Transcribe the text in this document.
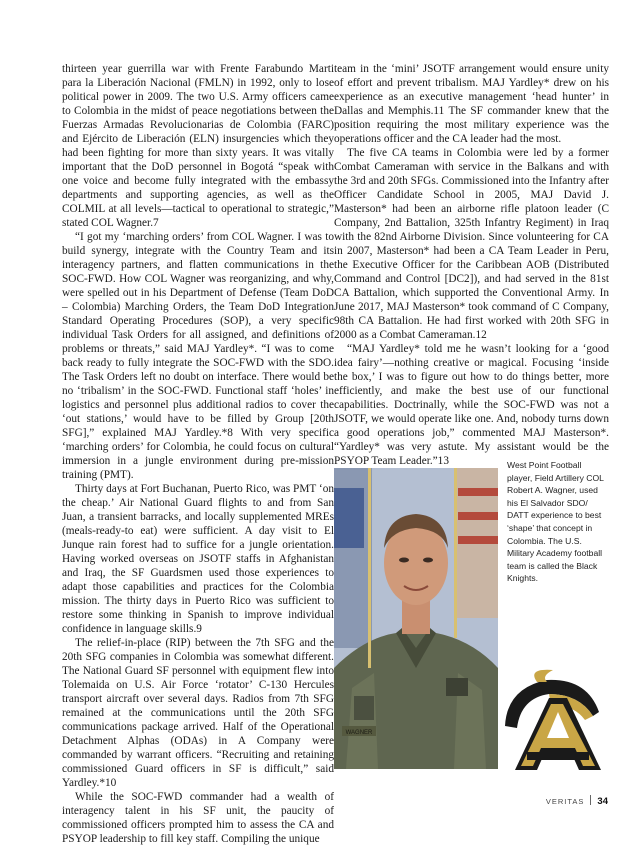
thirteen year guerrilla war with Frente Farabundo Marti para la Liberación Nacional (FMLN) in 1992, only to lose political power in 2009. The two U.S. Army officers came to Colombia in the midst of peace negotiations between the Fuerzas Armadas Revolucionarias de Colombia (FARC) and Ejército de Liberación (ELN) insurgencies which they had been fighting for more than sixty years. It was vitally important that the DoD personnel in Bogotá “speak with one voice and become fully integrated with the embassy departments and supporting agencies, as well as the COLMIL at all levels—tactical to operational to strategic,” stated COL Wagner.7

“I got my ‘marching orders’ from COL Wagner. I was to build synergy, integrate with the Country Team and its interagency partners, and flatten communications in the SOC-FWD. How COL Wagner was reorganizing, and why, were spelled out in his Department of Defense (Team DoD – Colombia) Marching Orders, the Team DoD Integration Standard Operating Procedures (SOP), a very specific individual Task Orders for all assigned, and definitions of problems or threats,” said MAJ Yardley*. “I was to come back ready to fully integrate the SOC-FWD with the SDO. The Task Orders left no doubt on interface. There would be no ‘tribalism’ in the SOC-FWD. Functional staff ‘holes’ in logistics and personnel plus additional radios to cover the ‘out stations,’ would have to be filled by Group [20th SFG],” explained MAJ Yardley.*8 With very specific ‘marching orders’ for Colombia, he could focus on cultural immersion in a jungle environment during pre-mission training (PMT).

Thirty days at Fort Buchanan, Puerto Rico, was PMT ‘on the cheap.’ Air National Guard flights to and from San Juan, a transient barracks, and locally supplemented MREs (meals-ready-to eat) were sufficient. A day visit to El Junque rain forest had to suffice for a jungle orientation. Having worked overseas on JSOTF staffs in Afghanistan and Iraq, the SF Guardsmen used those experiences to adapt those capabilities and practices for the Colombia mission. The thirty days in Puerto Rico was sufficient to restore some thinking in Spanish to improve individual confidence in language skills.9

The relief-in-place (RIP) between the 7th SFG and the 20th SFG companies in Colombia was somewhat different. The National Guard SF personnel with equipment flew into Tolemaida on U.S. Air Force ‘rotator’ C-130 Hercules transport aircraft over several days. Radios from 7th SFG remained at the communications until the 20th SFG communications package arrived. Half of the Operational Detachment Alphas (ODAs) in A Company were commanded by warrant officers. “Recruiting and retaining commissioned Guard officers in SF is difficult,” said Yardley.*10

While the SOC-FWD commander had a wealth of interagency talent in his SF unit, the paucity of commissioned officers prompted him to assess the CA and PSYOP leadership to fill key staff. Compiling the unique

team in the ‘mini’ JSOTF arrangement would ensure unity of effort and prevent tribalism. MAJ Yardley* drew on his experience as an executive management ‘head hunter’ in Dallas and Memphis.11 The SF commander knew that the position requiring the most military experience was the operations officer and the CA leader had the most.

The five CA teams in Colombia were led by a former Combat Cameraman with service in the Balkans and with the 3rd and 20th SFGs. Commissioned into the Infantry after Officer Candidate School in 2005, MAJ David J. Masterson* had been an airborne rifle platoon leader (C Company, 2nd Battalion, 325th Infantry Regiment) in Iraq with the 82nd Airborne Division. Since volunteering for CA in 2007, Masterson* had been a CA Team Leader in Peru, the Executive Officer for the Caribbean AOB (Distributed Command and Control [DC2]), and had served in the 81st CA Battalion, which supported the Conventional Army. In June 2017, MAJ Masterson* took command of C Company, 98th CA Battalion. He had first worked with 20th SFG in 2000 as a Combat Cameraman.12

“MAJ Yardley* told me he wasn’t looking for a ‘good idea fairy’—nothing creative or magical. Focusing ‘inside the box,’ I was to figure out how to do things better, more efficiently, and make the best use of our functional capabilities. Doctrinally, while the SOC-FWD was not a JSOTF, we would operate like one. And, nobody turns down a good operations job,” commented MAJ Masterson*. “Yardley* was very astute. My assistant would be the PSYOP Team Leader.”13

WAGNER
West Point Football player, Field Artillery COL Robert A. Wagner, used his El Salvador SDO/ DATT experience to best ‘shape’ that concept in Colombia. The U.S. Military Academy football team is called the Black Knights.
VERITAS 34
